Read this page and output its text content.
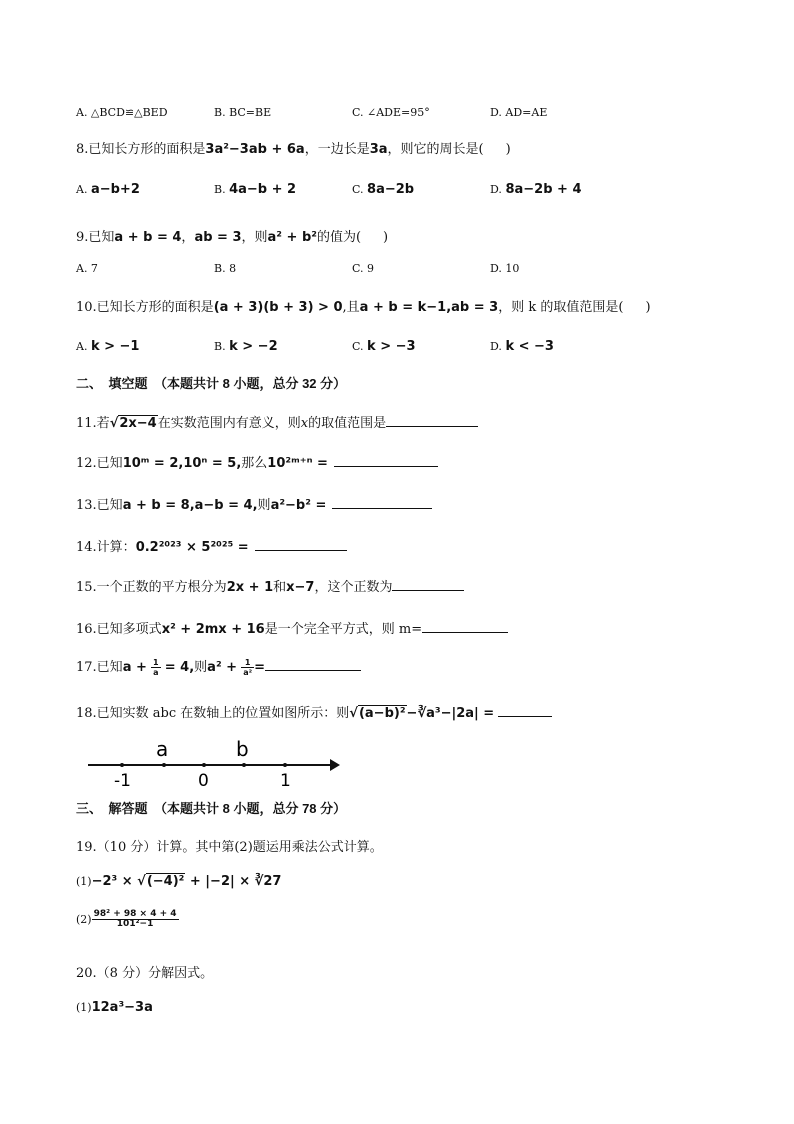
A. △BCD≌△BED	B. BC=BE	C. ∠ADE=95°	D. AD=AE
8.已知长方形的面积是3a²−3ab + 6a，一边长是3a，则它的周长是( )
A. a−b+2	B. 4a−b + 2	C. 8a−2b	D. 8a−2b + 4
9.已知a + b = 4，ab = 3，则a² + b²的值为( )
A. 7	B. 8	C. 9	D. 10
10.已知长方形的面积是(a + 3)(b + 3) > 0,且a + b = k−1,ab = 3，则 k 的取值范围是( )
A. k > −1	B. k > −2	C. k > −3	D. k < −3
二、　填空题　（本题共计 8 小题，总分 32 分）
11.若√2x−4在实数范围内有意义，则x的取值范围是
12.已知10ᵐ = 2,10ⁿ = 5,那么10²ᵐ⁺ⁿ =
13.已知a + b = 8,a−b = 4,则a²−b² =
14.计算：0.2²⁰²³ × 5²⁰²⁵ =
15.一个正数的平方根分为2x + 1和x−7，这个正数为
16.已知多项式x² + 2mx + 16是一个完全平方式，则 m=
17.已知$a + \frac{1}{a} = 4$,则$a^2 + \frac{1}{\text{a²}}$ =
18.已知实数 abc 在数轴上的位置如图所示：则√(a−b)²−∛a³−|2a| =
a	b
-1	0	1
三、　解答题　（本题共计 8 小题，总分 78 分）
19.（10 分）计算。其中第(2)题运用乘法公式计算。
(1)−2³ × √(−4)² + |−2| × ∛27
$(2) \frac{\text{98² + 98 × 4 + 4}}{\text{101²−1}}$
20.（8 分）分解因式。
(1)12a³−3a
